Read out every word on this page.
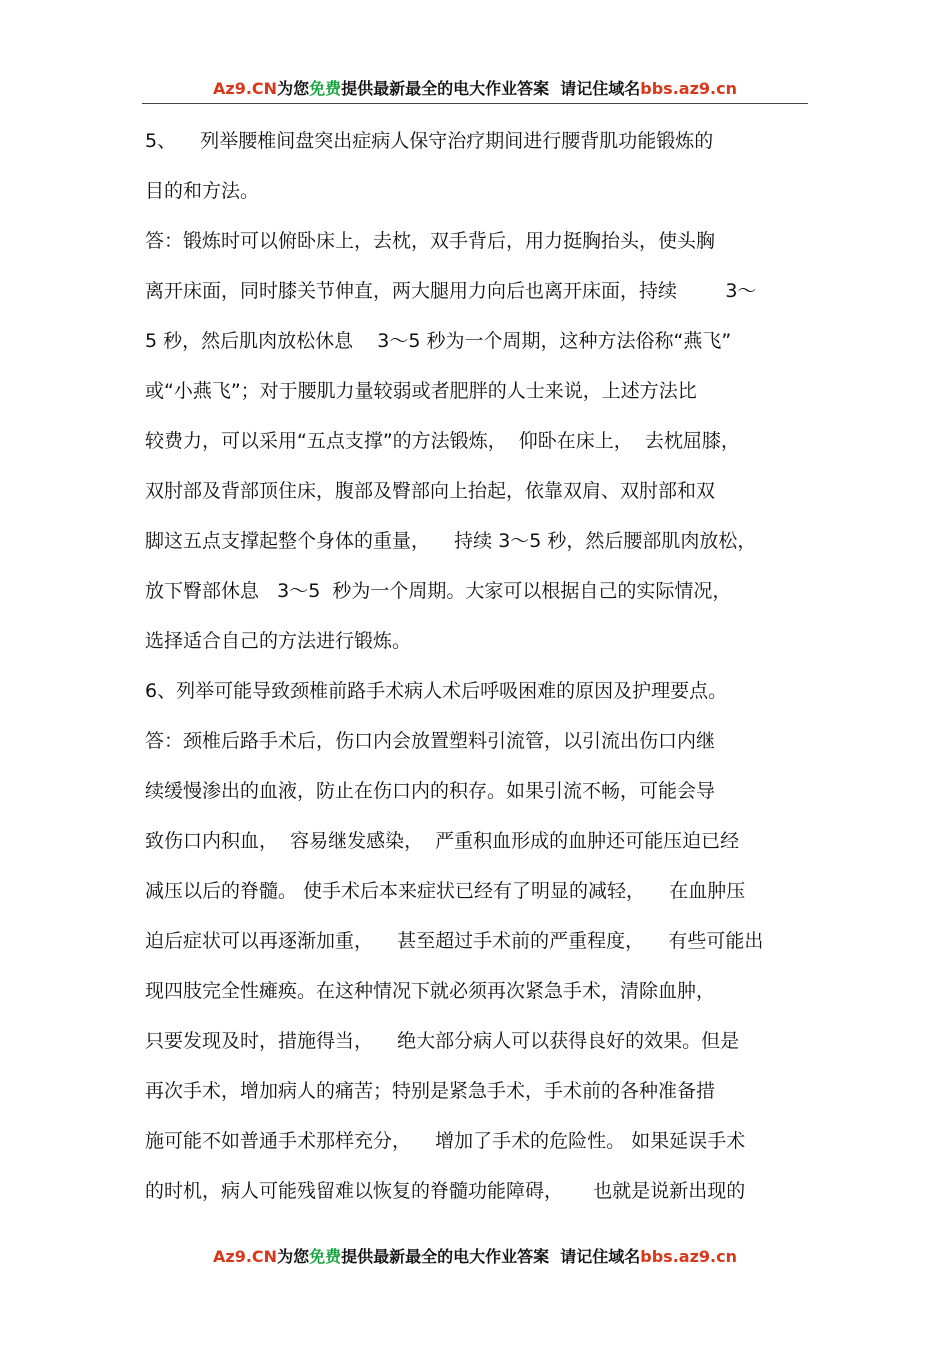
Az9.CN为您免费提供最新最全的电大作业答案 请记住域名bbs.az9.cn
5、    列举腰椎间盘突出症病人保守治疗期间进行腰背肌功能锻炼的
目的和方法。
答：锻炼时可以俯卧床上，去枕，双手背后，用力挺胸抬头，使头胸
离开床面，同时膝关节伸直，两大腿用力向后也离开床面，持续        3～
5 秒，然后肌肉放松休息    3～5 秒为一个周期，这种方法俗称“燕飞”
或“小燕飞”；对于腰肌力量较弱或者肥胖的人士来说，上述方法比
较费力，可以采用“五点支撑”的方法锻炼，  仰卧在床上，  去枕屈膝，
双肘部及背部顶住床，腹部及臀部向上抬起，依靠双肩、双肘部和双
脚这五点支撑起整个身体的重量，    持续 3～5 秒，然后腰部肌肉放松，
放下臀部休息   3～5  秒为一个周期。大家可以根据自己的实际情况，
选择适合自己的方法进行锻炼。
6、列举可能导致颈椎前路手术病人术后呼吸困难的原因及护理要点。
答：颈椎后路手术后，伤口内会放置塑料引流管，以引流出伤口内继
续缓慢渗出的血液，防止在伤口内的积存。如果引流不畅，可能会导
致伤口内积血，  容易继发感染，  严重积血形成的血肿还可能压迫已经
减压以后的脊髓。 使手术后本来症状已经有了明显的减轻，    在血肿压
迫后症状可以再逐渐加重，    甚至超过手术前的严重程度，    有些可能出
现四肢完全性瘫痪。在这种情况下就必须再次紧急手术，清除血肿，
只要发现及时，措施得当，    绝大部分病人可以获得良好的效果。但是
再次手术，增加病人的痛苦；特别是紧急手术，手术前的各种准备措
施可能不如普通手术那样充分，    增加了手术的危险性。 如果延误手术
的时机，病人可能残留难以恢复的脊髓功能障碍，     也就是说新出现的
Az9.CN为您免费提供最新最全的电大作业答案 请记住域名bbs.az9.cn
